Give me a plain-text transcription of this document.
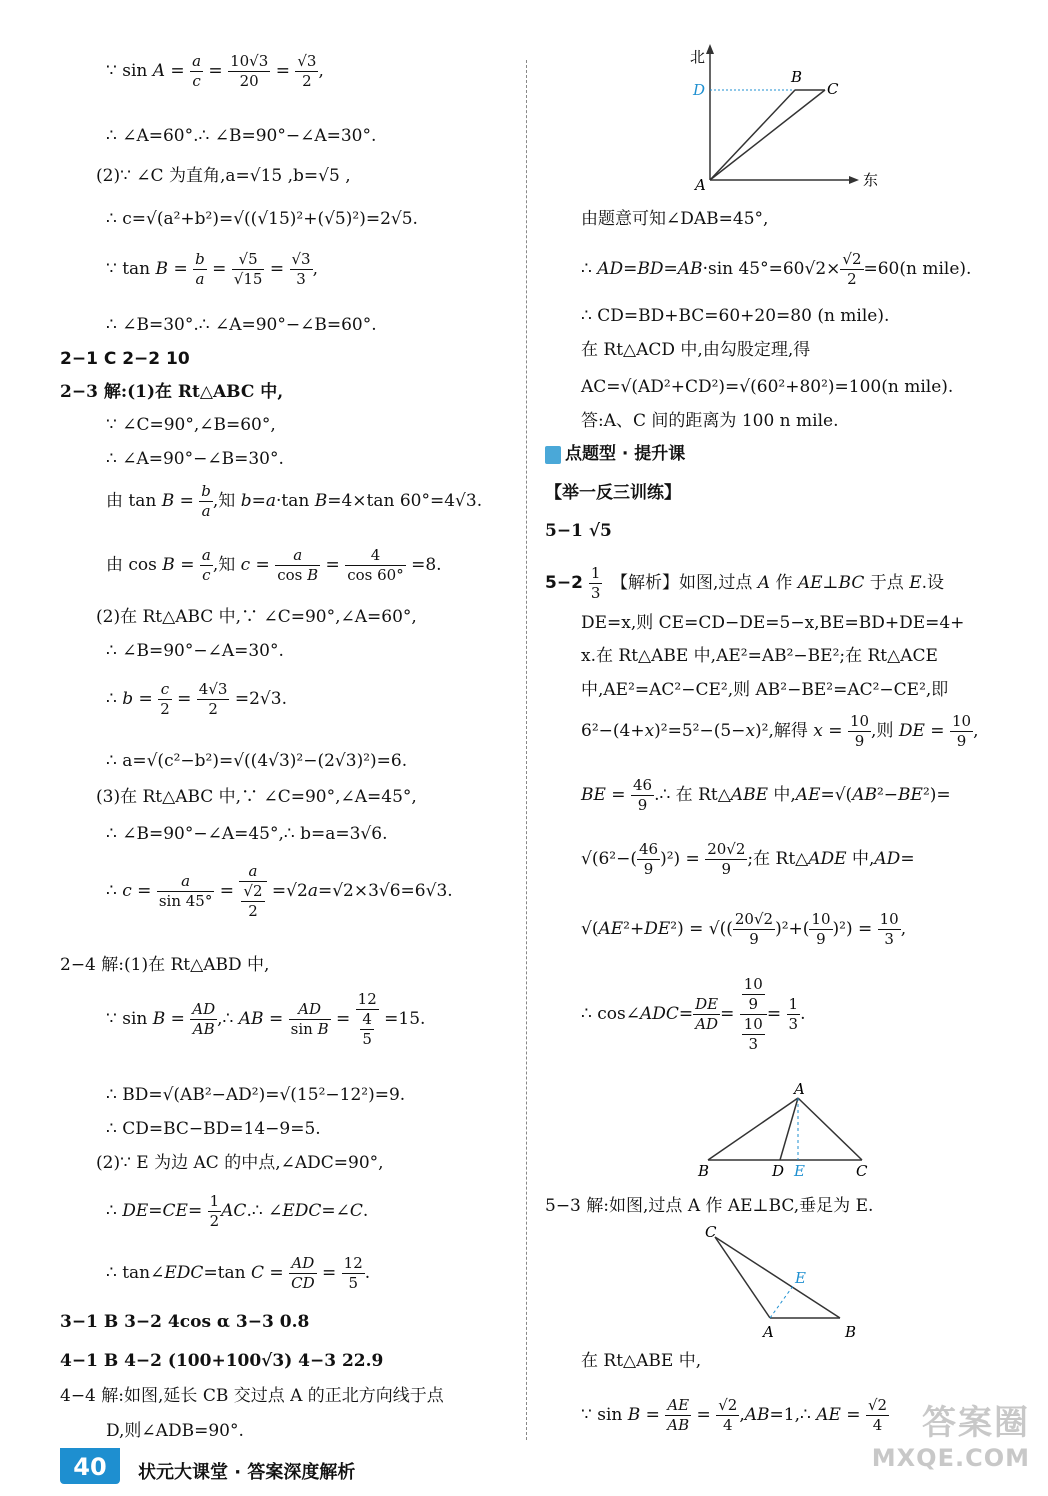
∵ $\sin A = \frac{a}{c} = \frac{10√3}{20} = \frac{√3}{2}$ ,
∴ ∠A=60°.∴ ∠B=90°−∠A=30°.
(2)∵ ∠C 为直角,a=√15 ,b=√5 ,
∴ c=√(a²+b²)=√((√15)²+(√5)²)=2√5.
∵ $\tan B = \frac{b}{a} = \frac{√5}{√15} = \frac{√3}{3}$ ,
∴ ∠B=30°.∴ ∠A=90°−∠B=60°.
2−1 C 2−2 10
2−3 解:(1)在 Rt△ABC 中,
∵ ∠C=90°,∠B=60°,
∴ ∠A=90°−∠B=30°.
由 $\tan B = \frac{b}{a}$ ,知 b=a·tan B=4×tan 60°=4√3.
由 $\cos B = \frac{a}{c}$ ,知 $c = \frac{a}{\text{cos B}} = \frac{4}{\cos 60^\circ} =8$.
(2)在 Rt△ABC 中,∵ ∠C=90°,∠A=60°,
∴ ∠B=90°−∠A=30°.
∴ $b = \frac{c}{2} = \frac{4√3}{2} =2√3$.
∴ a=√(c²−b²)=√((4√3)²−(2√3)²)=6.
(3)在 Rt△ABC 中,∵ ∠C=90°,∠A=45°,
∴ ∠B=90°−∠A=45°,∴ b=a=3√6.
∴ $c = \frac{a}{\sin 45^\circ} = \frac{a}{\frac{√2}{2}} =√2a=√2\times 3√6=6√3$.
2−4 解:(1)在 Rt△ABD 中,
∵ $\sin B = \frac{AD}{AB}$ ,∴ AB = $\frac{AD}{\text{sin B}} = \frac{12}{\frac{4}{5}} =15$.
∴ BD=√(AB²−AD²)=√(15²−12²)=9.
∴ CD=BC−BD=14−9=5.
(2)∵ E 为边 AC 的中点,∠ADC=90°,
∴ $DE=CE= \frac{1}{2}$ AC.∴ ∠EDC=∠C.
∴ tan∠EDC=tan $C = \frac{AD}{CD} = \frac{12}{5}$ .
3−1 B 3−2 4cos α 3−3 0.8
4−1 B 4−2 (100+100√3) 4−3 22.9
4−4 解:如图,延长 CB 交过点 A 的正北方向线于点
D,则∠ADB=90°.
北
东
A
B
C
D
由题意可知∠DAB=45°,
∴ AD=BD=AB·sin $45^\circ=60√2\times \frac{√2}{2} =60(n$ mile).
∴ CD=BD+BC=60+20=80 (n mile).
在 Rt△ACD 中,由勾股定理,得
AC=√(AD²+CD²)=√(60²+80²)=100(n mile).
答:A、C 间的距离为 100 n mile.
点题型 · 提升课
【举一反三训练】
5−1 √5
$5-2 \frac{1}{3}$ 　【解析】如图,过点 A 作 AE⊥BC 于点 E.设
DE=x,则 CE=CD−DE=5−x,BE=BD+DE=4+
x.在 Rt△ABE 中,AE²=AB²−BE²;在 Rt△ACE
中,AE²=AC²−CE²,则 AB²−BE²=AC²−CE²,即
6²−(4+x)²=5²−(5−x)²,解得 $x = \frac{10}{9}$ ,则 DE = $\frac{10}{9}$ ,
BE = $\frac{46}{9}$ .∴ 在 Rt△ABE 中,AE=√(AB²−BE²)=
$√(6^2-( \frac{46}{9} )^2) = \frac{20√2}{9}$ ;在 Rt△ADE 中,AD=
√(AE²+DE²) = √(( $\frac{20√2}{9} )^2+( \frac{10}{9} )^2) = \frac{10}{3}$ ,
∴ cos∠ADC= $\frac{DE}{AD} = \frac{\frac{10}{9}}{\frac{10}{3}} = \frac{1}{3}$ .
A
B	C
D E
5−3 解:如图,过点 A 作 AE⊥BC,垂足为 E.
C
A	B
E
在 Rt△ABE 中,
∵ $\sin B = \frac{AE}{AB} = \frac{√2}{4}$ ,AB=1,∴ AE = $\frac{√2}{4}$
40	状元大课堂 · 答案深度解析
答案圈
MXQE.COM
